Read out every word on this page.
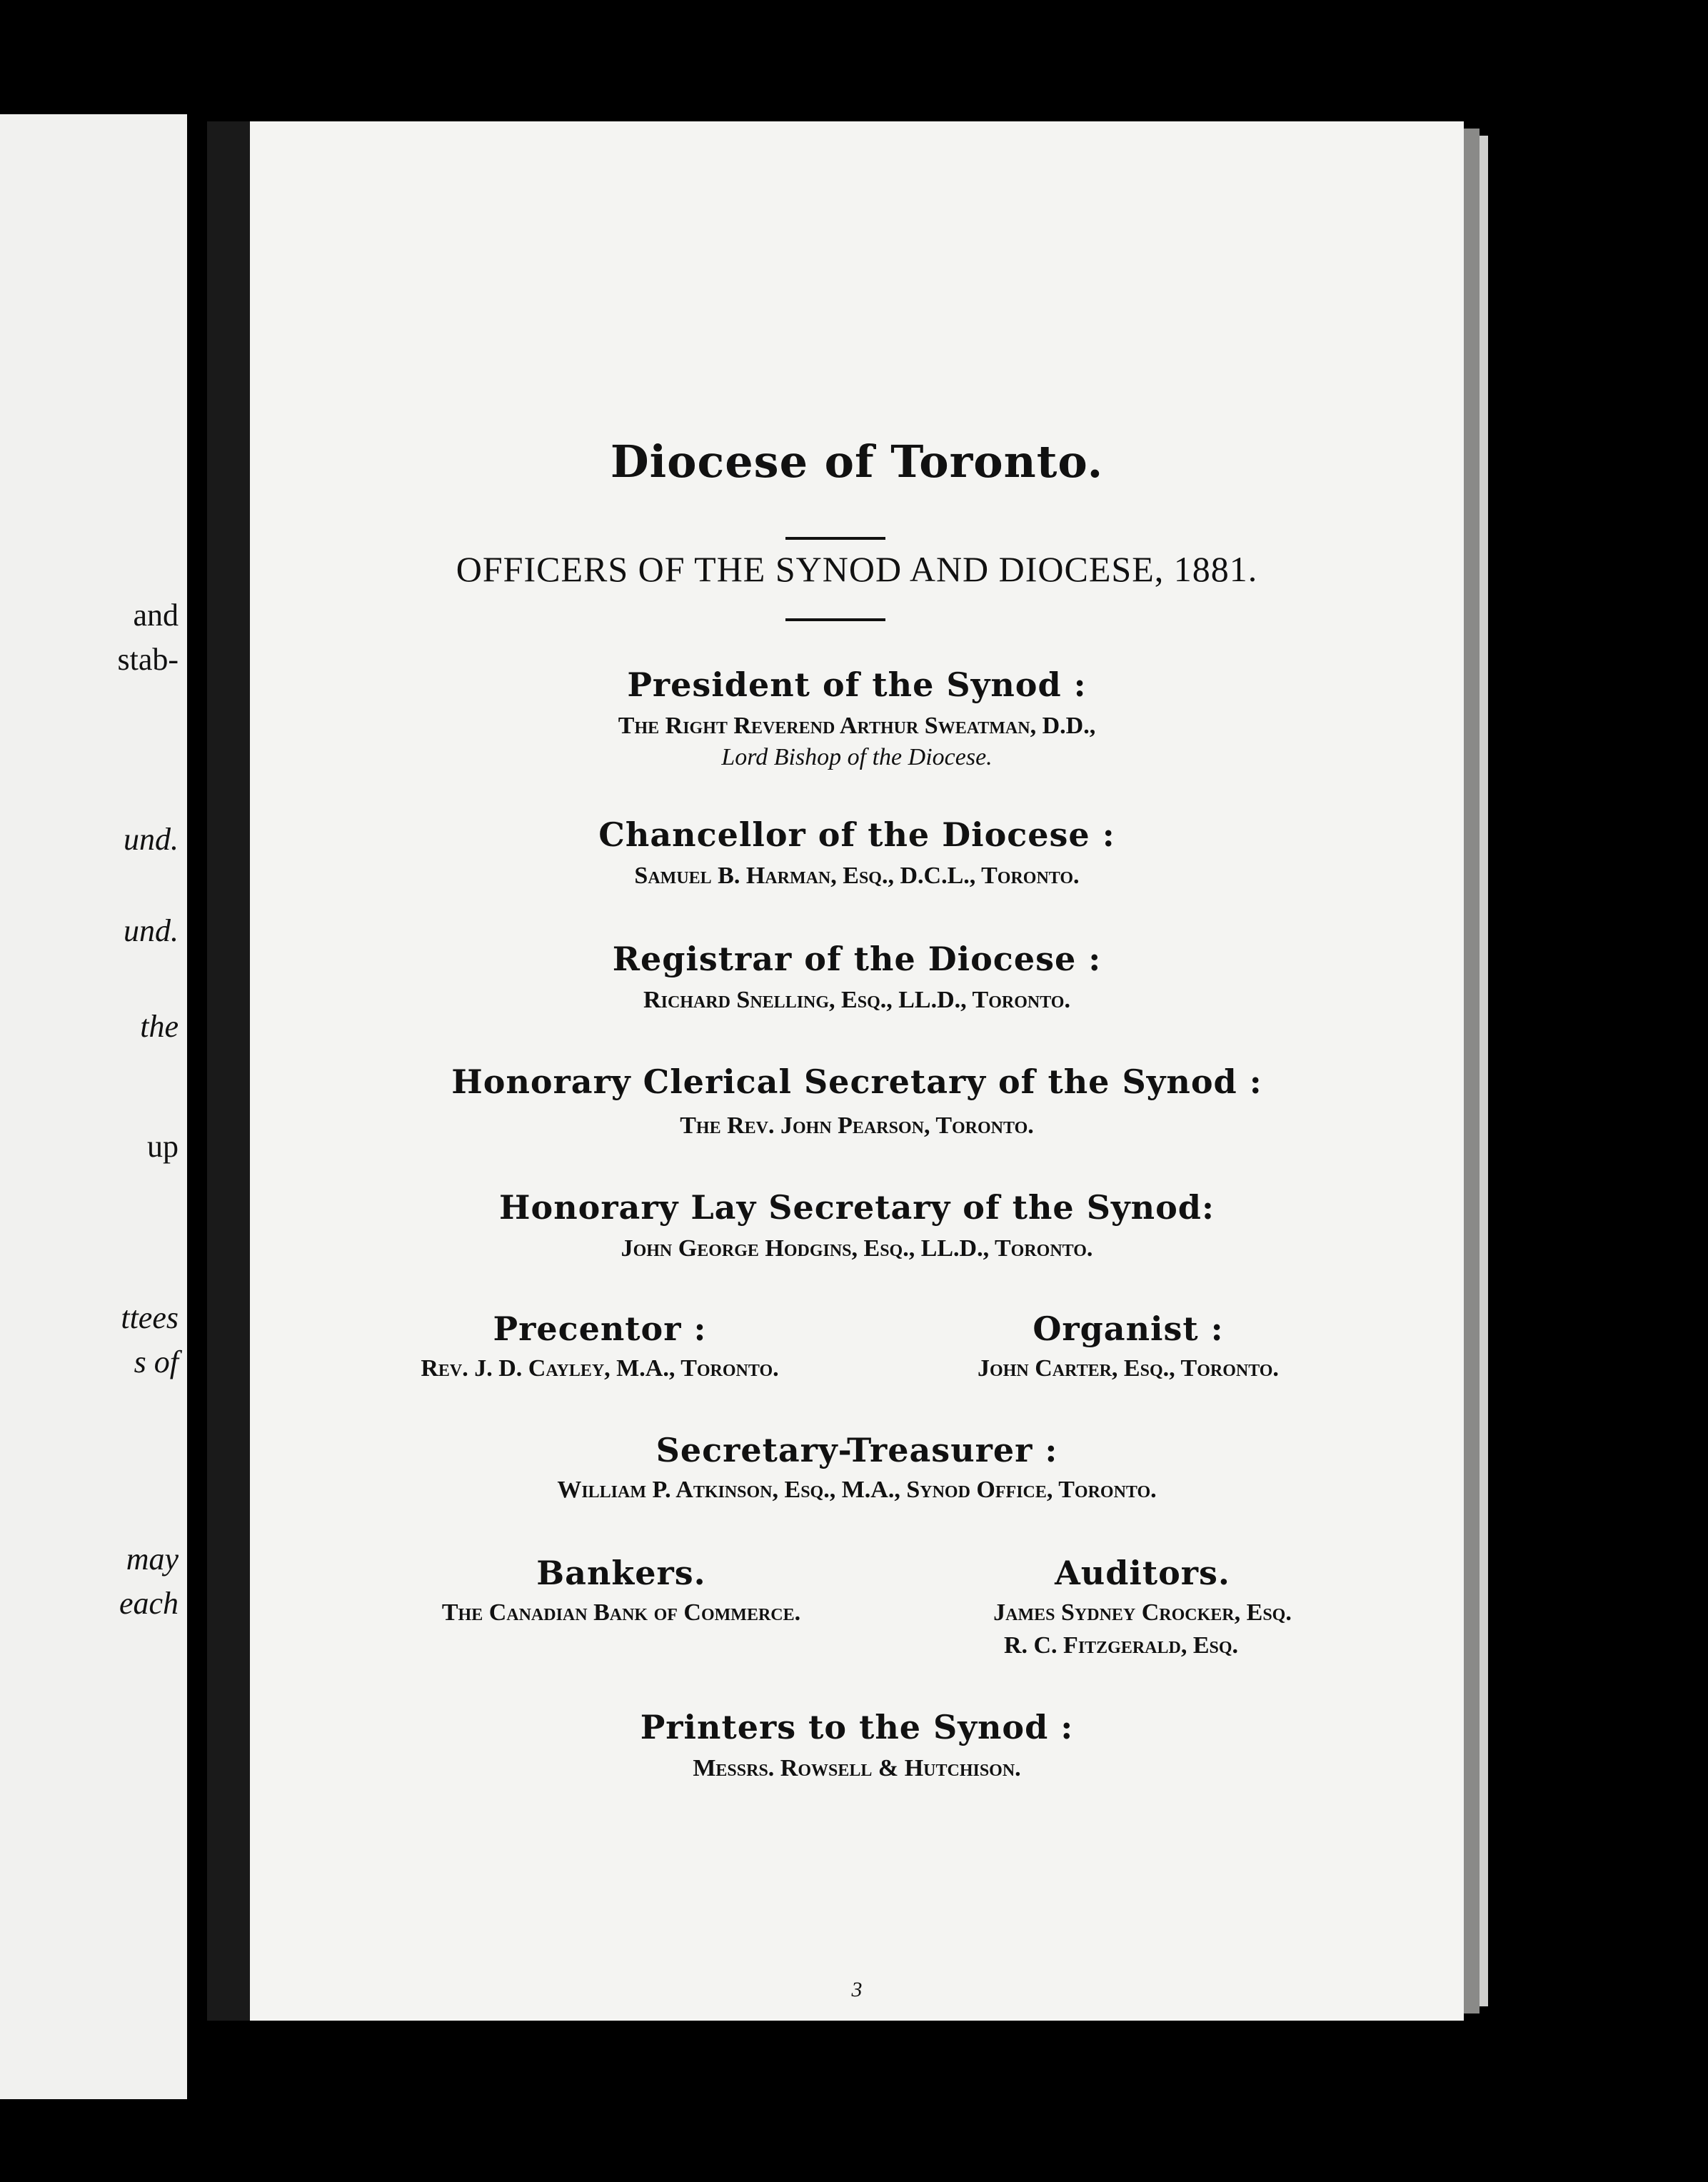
and
stab-
und.
und.
the
up
ttees
s of
may
each
Diocese of Toronto.
OFFICERS OF THE SYNOD AND DIOCESE, 1881.
President of the Synod :
The Right Reverend Arthur Sweatman, D.D.,
Lord Bishop of the Diocese.
Chancellor of the Diocese :
Samuel B. Harman, Esq., D.C.L., Toronto.
Registrar of the Diocese :
Richard Snelling, Esq., LL.D., Toronto.
Honorary Clerical Secretary of the Synod :
The Rev. John Pearson, Toronto.
Honorary Lay Secretary of the Synod:
John George Hodgins, Esq., LL.D., Toronto.
Precentor :
Rev. J. D. Cayley, M.A., Toronto.
Organist :
John Carter, Esq., Toronto.
Secretary-Treasurer :
William P. Atkinson, Esq., M.A., Synod Office, Toronto.
Bankers.
The Canadian Bank of Commerce.
Auditors.
James Sydney Crocker, Esq.
R. C. Fitzgerald, Esq.
Printers to the Synod :
Messrs. Rowsell & Hutchison.
3
